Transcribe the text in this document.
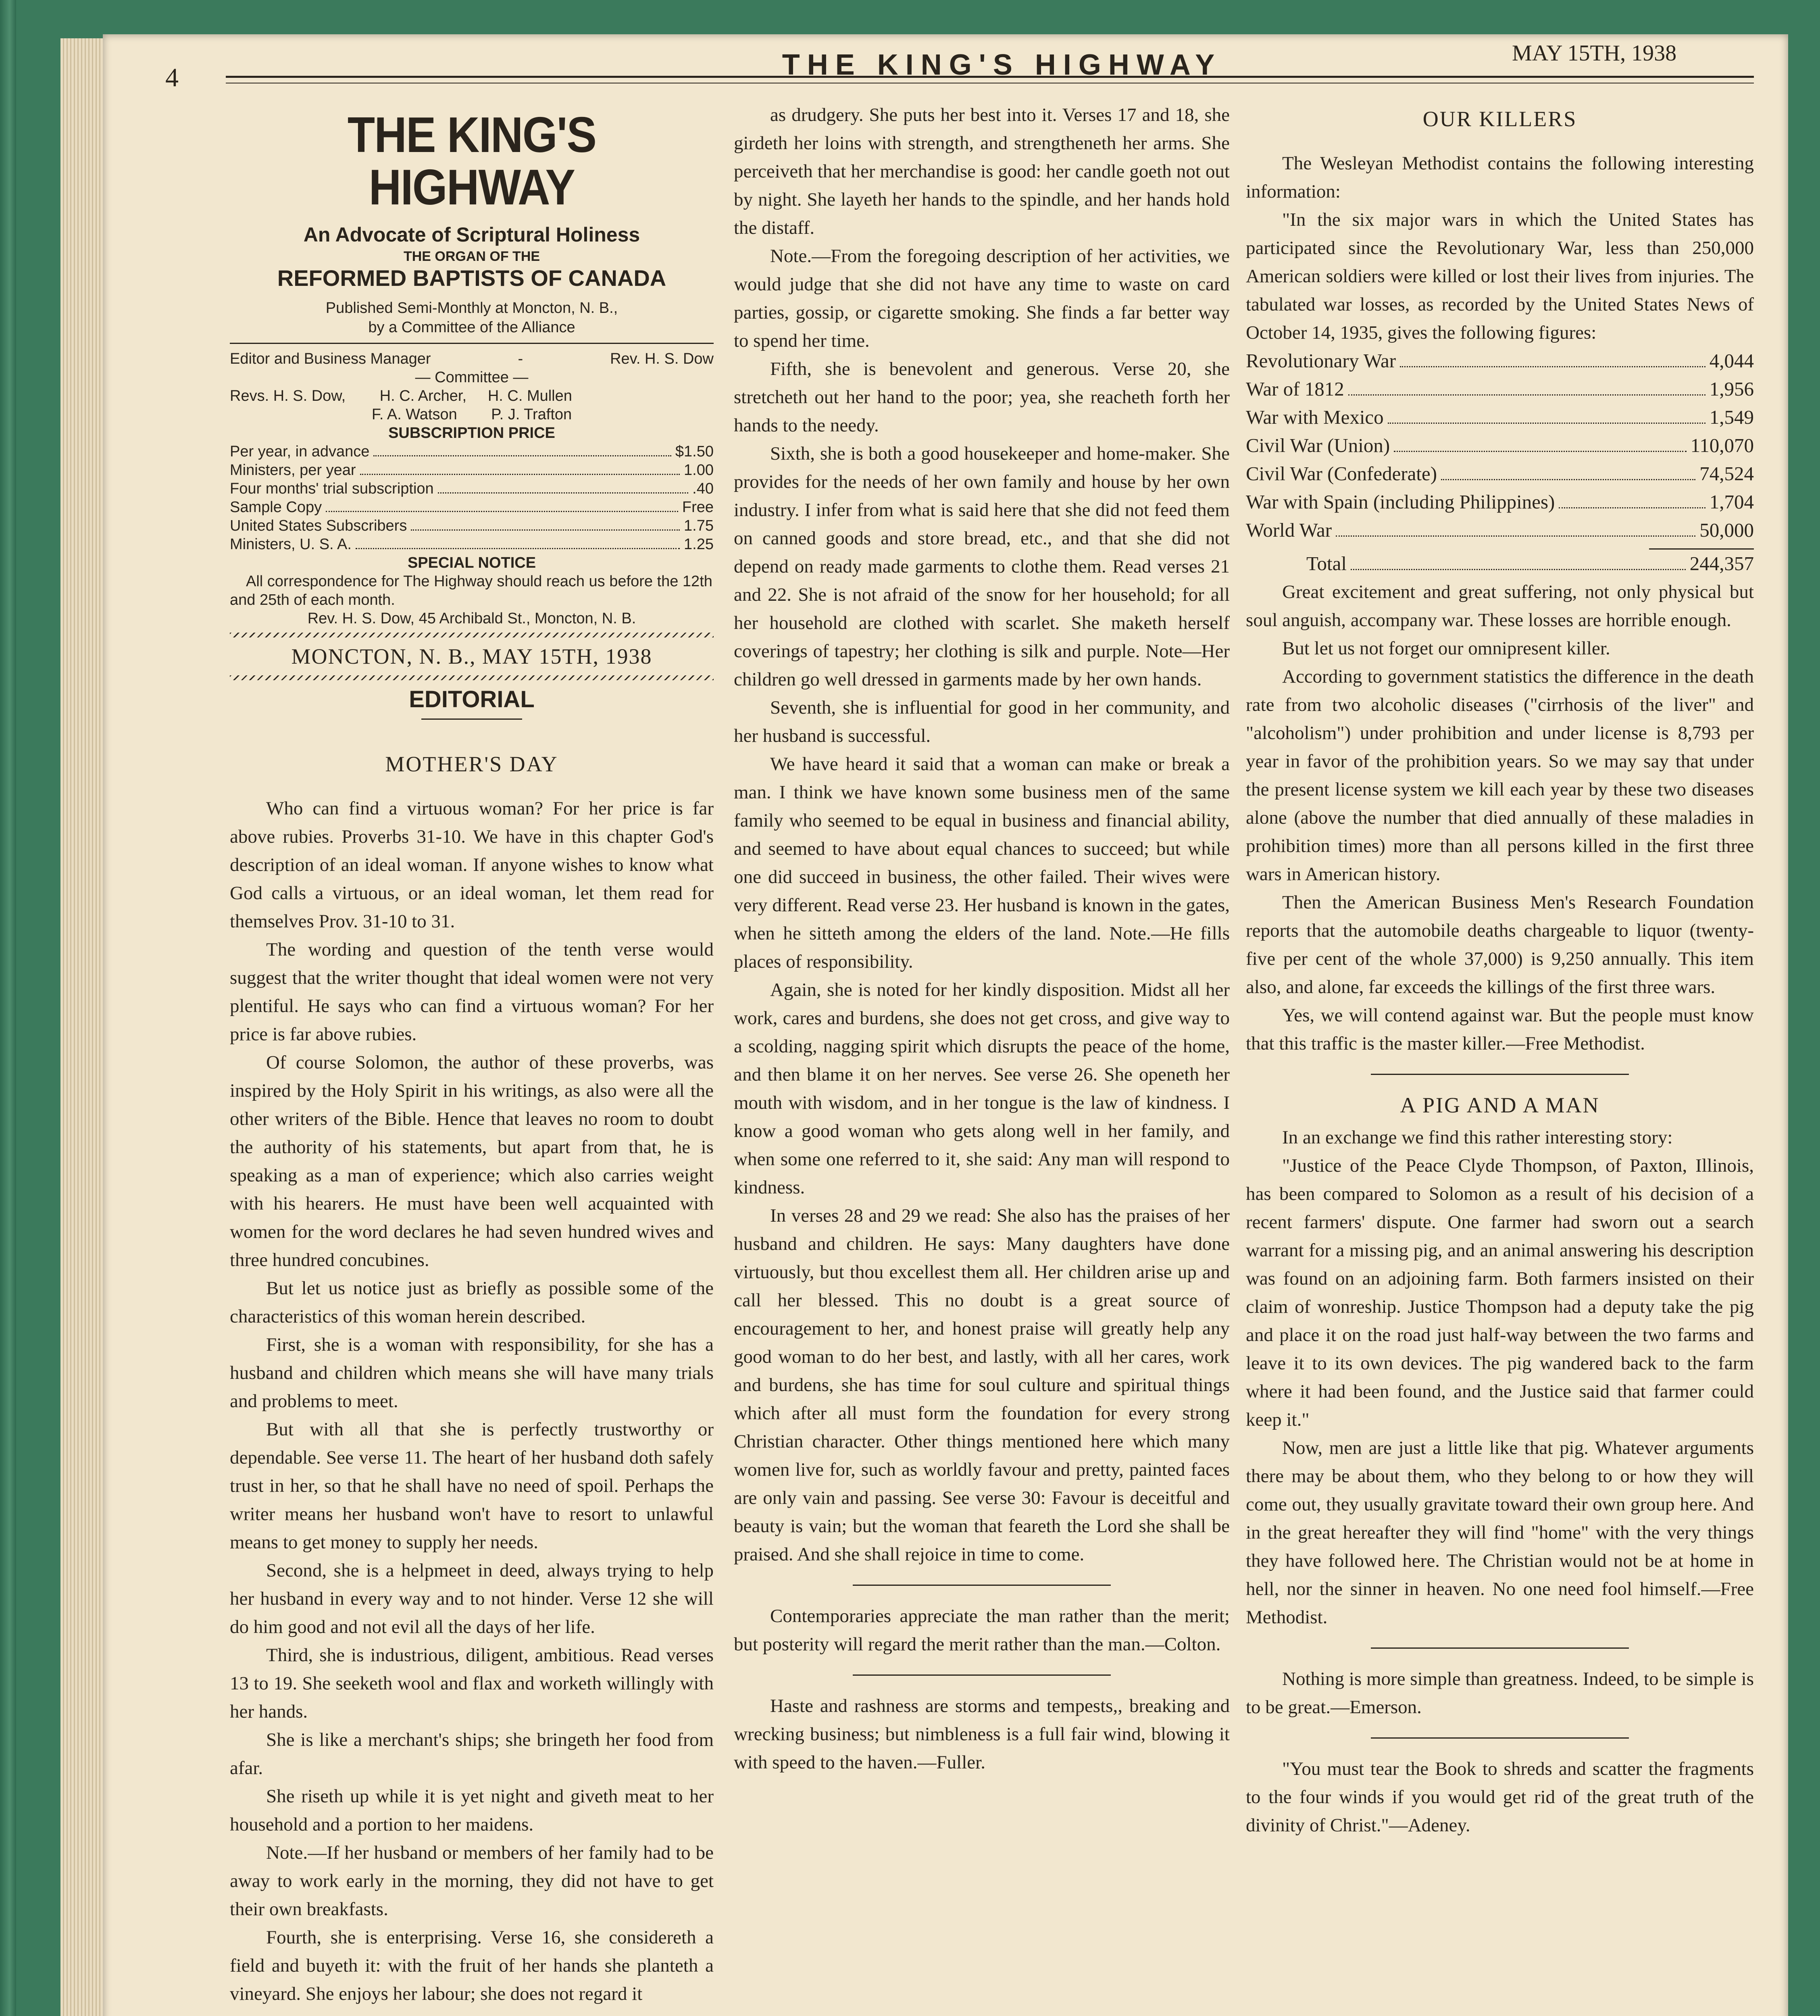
4	THE KING'S HIGHWAY	MAY 15TH, 1938
THE KING'S HIGHWAY
An Advocate of Scriptural Holiness
THE ORGAN OF THE
REFORMED BAPTISTS OF CANADA
Published Semi-Monthly at Moncton, N. B.,
by a Committee of the Alliance
Editor and Business Manager	-	Rev. H. S. Dow
— Committee —
Revs. H. S. Dow,        H. C. Archer,     H. C. Mullen
F. A. Watson        P. J. Trafton
SUBSCRIPTION PRICE
Per year, in advance	$1.50
Ministers, per year	1.00
Four months' trial subscription	.40
Sample Copy	Free
United States Subscribers	1.75
Ministers, U. S. A.	1.25
SPECIAL NOTICE
All correspondence for The Highway should reach us before the 12th and 25th of each month.
Rev. H. S. Dow, 45 Archibald St., Moncton, N. B.
MONCTON, N. B., MAY 15TH, 1938
EDITORIAL
MOTHER'S DAY

Who can find a virtuous woman? For her price is far above rubies. Proverbs 31-10. We have in this chapter God's description of an ideal woman. If anyone wishes to know what God calls a virtuous, or an ideal woman, let them read for themselves Prov. 31-10 to 31.

The wording and question of the tenth verse would suggest that the writer thought that ideal women were not very plentiful. He says who can find a virtuous woman? For her price is far above rubies.

Of course Solomon, the author of these proverbs, was inspired by the Holy Spirit in his writings, as also were all the other writers of the Bible. Hence that leaves no room to doubt the authority of his statements, but apart from that, he is speaking as a man of experience; which also carries weight with his hearers. He must have been well acquainted with women for the word declares he had seven hundred wives and three hundred concubines.

But let us notice just as briefly as possible some of the characteristics of this woman herein described.

First, she is a woman with responsibility, for she has a husband and children which means she will have many trials and problems to meet.

But with all that she is perfectly trustworthy or dependable. See verse 11. The heart of her husband doth safely trust in her, so that he shall have no need of spoil. Perhaps the writer means her husband won't have to resort to unlawful means to get money to supply her needs.

Second, she is a helpmeet in deed, always trying to help her husband in every way and to not hinder. Verse 12 she will do him good and not evil all the days of her life.

Third, she is industrious, diligent, ambitious. Read verses 13 to 19. She seeketh wool and flax and worketh willingly with her hands.

She is like a merchant's ships; she bringeth her food from afar.

She riseth up while it is yet night and giveth meat to her household and a portion to her maidens.

Note.—If her husband or members of her family had to be away to work early in the morning, they did not have to get their own breakfasts.

Fourth, she is enterprising. Verse 16, she considereth a field and buyeth it: with the fruit of her hands she planteth a vineyard. She enjoys her labour; she does not regard it

as drudgery. She puts her best into it. Verses 17 and 18, she girdeth her loins with strength, and strengtheneth her arms. She perceiveth that her merchandise is good: her candle goeth not out by night. She layeth her hands to the spindle, and her hands hold the distaff.

Note.—From the foregoing description of her activities, we would judge that she did not have any time to waste on card parties, gossip, or cigarette smoking. She finds a far better way to spend her time.

Fifth, she is benevolent and generous. Verse 20, she stretcheth out her hand to the poor; yea, she reacheth forth her hands to the needy.

Sixth, she is both a good housekeeper and home-maker. She provides for the needs of her own family and house by her own industry. I infer from what is said here that she did not feed them on canned goods and store bread, etc., and that she did not depend on ready made garments to clothe them. Read verses 21 and 22. She is not afraid of the snow for her household; for all her household are clothed with scarlet. She maketh herself coverings of tapestry; her clothing is silk and purple. Note—Her children go well dressed in garments made by her own hands.

Seventh, she is influential for good in her community, and her husband is successful.

We have heard it said that a woman can make or break a man. I think we have known some business men of the same family who seemed to be equal in business and financial ability, and seemed to have about equal chances to succeed; but while one did succeed in business, the other failed. Their wives were very different. Read verse 23. Her husband is known in the gates, when he sitteth among the elders of the land. Note.—He fills places of responsibility.

Again, she is noted for her kindly disposition. Midst all her work, cares and burdens, she does not get cross, and give way to a scolding, nagging spirit which disrupts the peace of the home, and then blame it on her nerves. See verse 26. She openeth her mouth with wisdom, and in her tongue is the law of kindness. I know a good woman who gets along well in her family, and when some one referred to it, she said: Any man will respond to kindness.

In verses 28 and 29 we read: She also has the praises of her husband and children. He says: Many daughters have done virtuously, but thou excellest them all. Her children arise up and call her blessed. This no doubt is a great source of encouragement to her, and honest praise will greatly help any good woman to do her best, and lastly, with all her cares, work and burdens, she has time for soul culture and spiritual things which after all must form the foundation for every strong Christian character. Other things mentioned here which many women live for, such as worldly favour and pretty, painted faces are only vain and passing. See verse 30: Favour is deceitful and beauty is vain; but the woman that feareth the Lord she shall be praised. And she shall rejoice in time to come.

Contemporaries appreciate the man rather than the merit; but posterity will regard the merit rather than the man.—Colton.

Haste and rashness are storms and tempests,, breaking and wrecking business; but nimbleness is a full fair wind, blowing it with speed to the haven.—Fuller.

OUR KILLERS

The Wesleyan Methodist contains the following interesting information:

"In the six major wars in which the United States has participated since the Revolutionary War, less than 250,000 American soldiers were killed or lost their lives from injuries. The tabulated war losses, as recorded by the United States News of October 14, 1935, gives the following figures:

Revolutionary War	4,044
War of 1812	1,956
War with Mexico	1,549
Civil War (Union)	110,070
Civil War (Confederate)	74,524
War with Spain (including Philippines)	1,704
World War	50,000
Total	244,357

Great excitement and great suffering, not only physical but soul anguish, accompany war. These losses are horrible enough.

But let us not forget our omnipresent killer.

According to government statistics the difference in the death rate from two alcoholic diseases ("cirrhosis of the liver" and "alcoholism") under prohibition and under license is 8,793 per year in favor of the prohibition years. So we may say that under the present license system we kill each year by these two diseases alone (above the number that died annually of these maladies in prohibition times) more than all persons killed in the first three wars in American history.

Then the American Business Men's Research Foundation reports that the automobile deaths chargeable to liquor (twenty-five per cent of the whole 37,000) is 9,250 annually. This item also, and alone, far exceeds the killings of the first three wars.

Yes, we will contend against war. But the people must know that this traffic is the master killer.—Free Methodist.

A PIG AND A MAN

In an exchange we find this rather interesting story:

"Justice of the Peace Clyde Thompson, of Paxton, Illinois, has been compared to Solomon as a result of his decision of a recent farmers' dispute. One farmer had sworn out a search warrant for a missing pig, and an animal answering his description was found on an adjoining farm. Both farmers insisted on their claim of wonreship. Justice Thompson had a deputy take the pig and place it on the road just half-way between the two farms and leave it to its own devices. The pig wandered back to the farm where it had been found, and the Justice said that farmer could keep it."

Now, men are just a little like that pig. Whatever arguments there may be about them, who they belong to or how they will come out, they usually gravitate toward their own group here. And in the great hereafter they will find "home" with the very things they have followed here. The Christian would not be at home in hell, nor the sinner in heaven. No one need fool himself.—Free Methodist.

Nothing is more simple than greatness. Indeed, to be simple is to be great.—Emerson.

"You must tear the Book to shreds and scatter the fragments to the four winds if you would get rid of the great truth of the divinity of Christ."—Adeney.
